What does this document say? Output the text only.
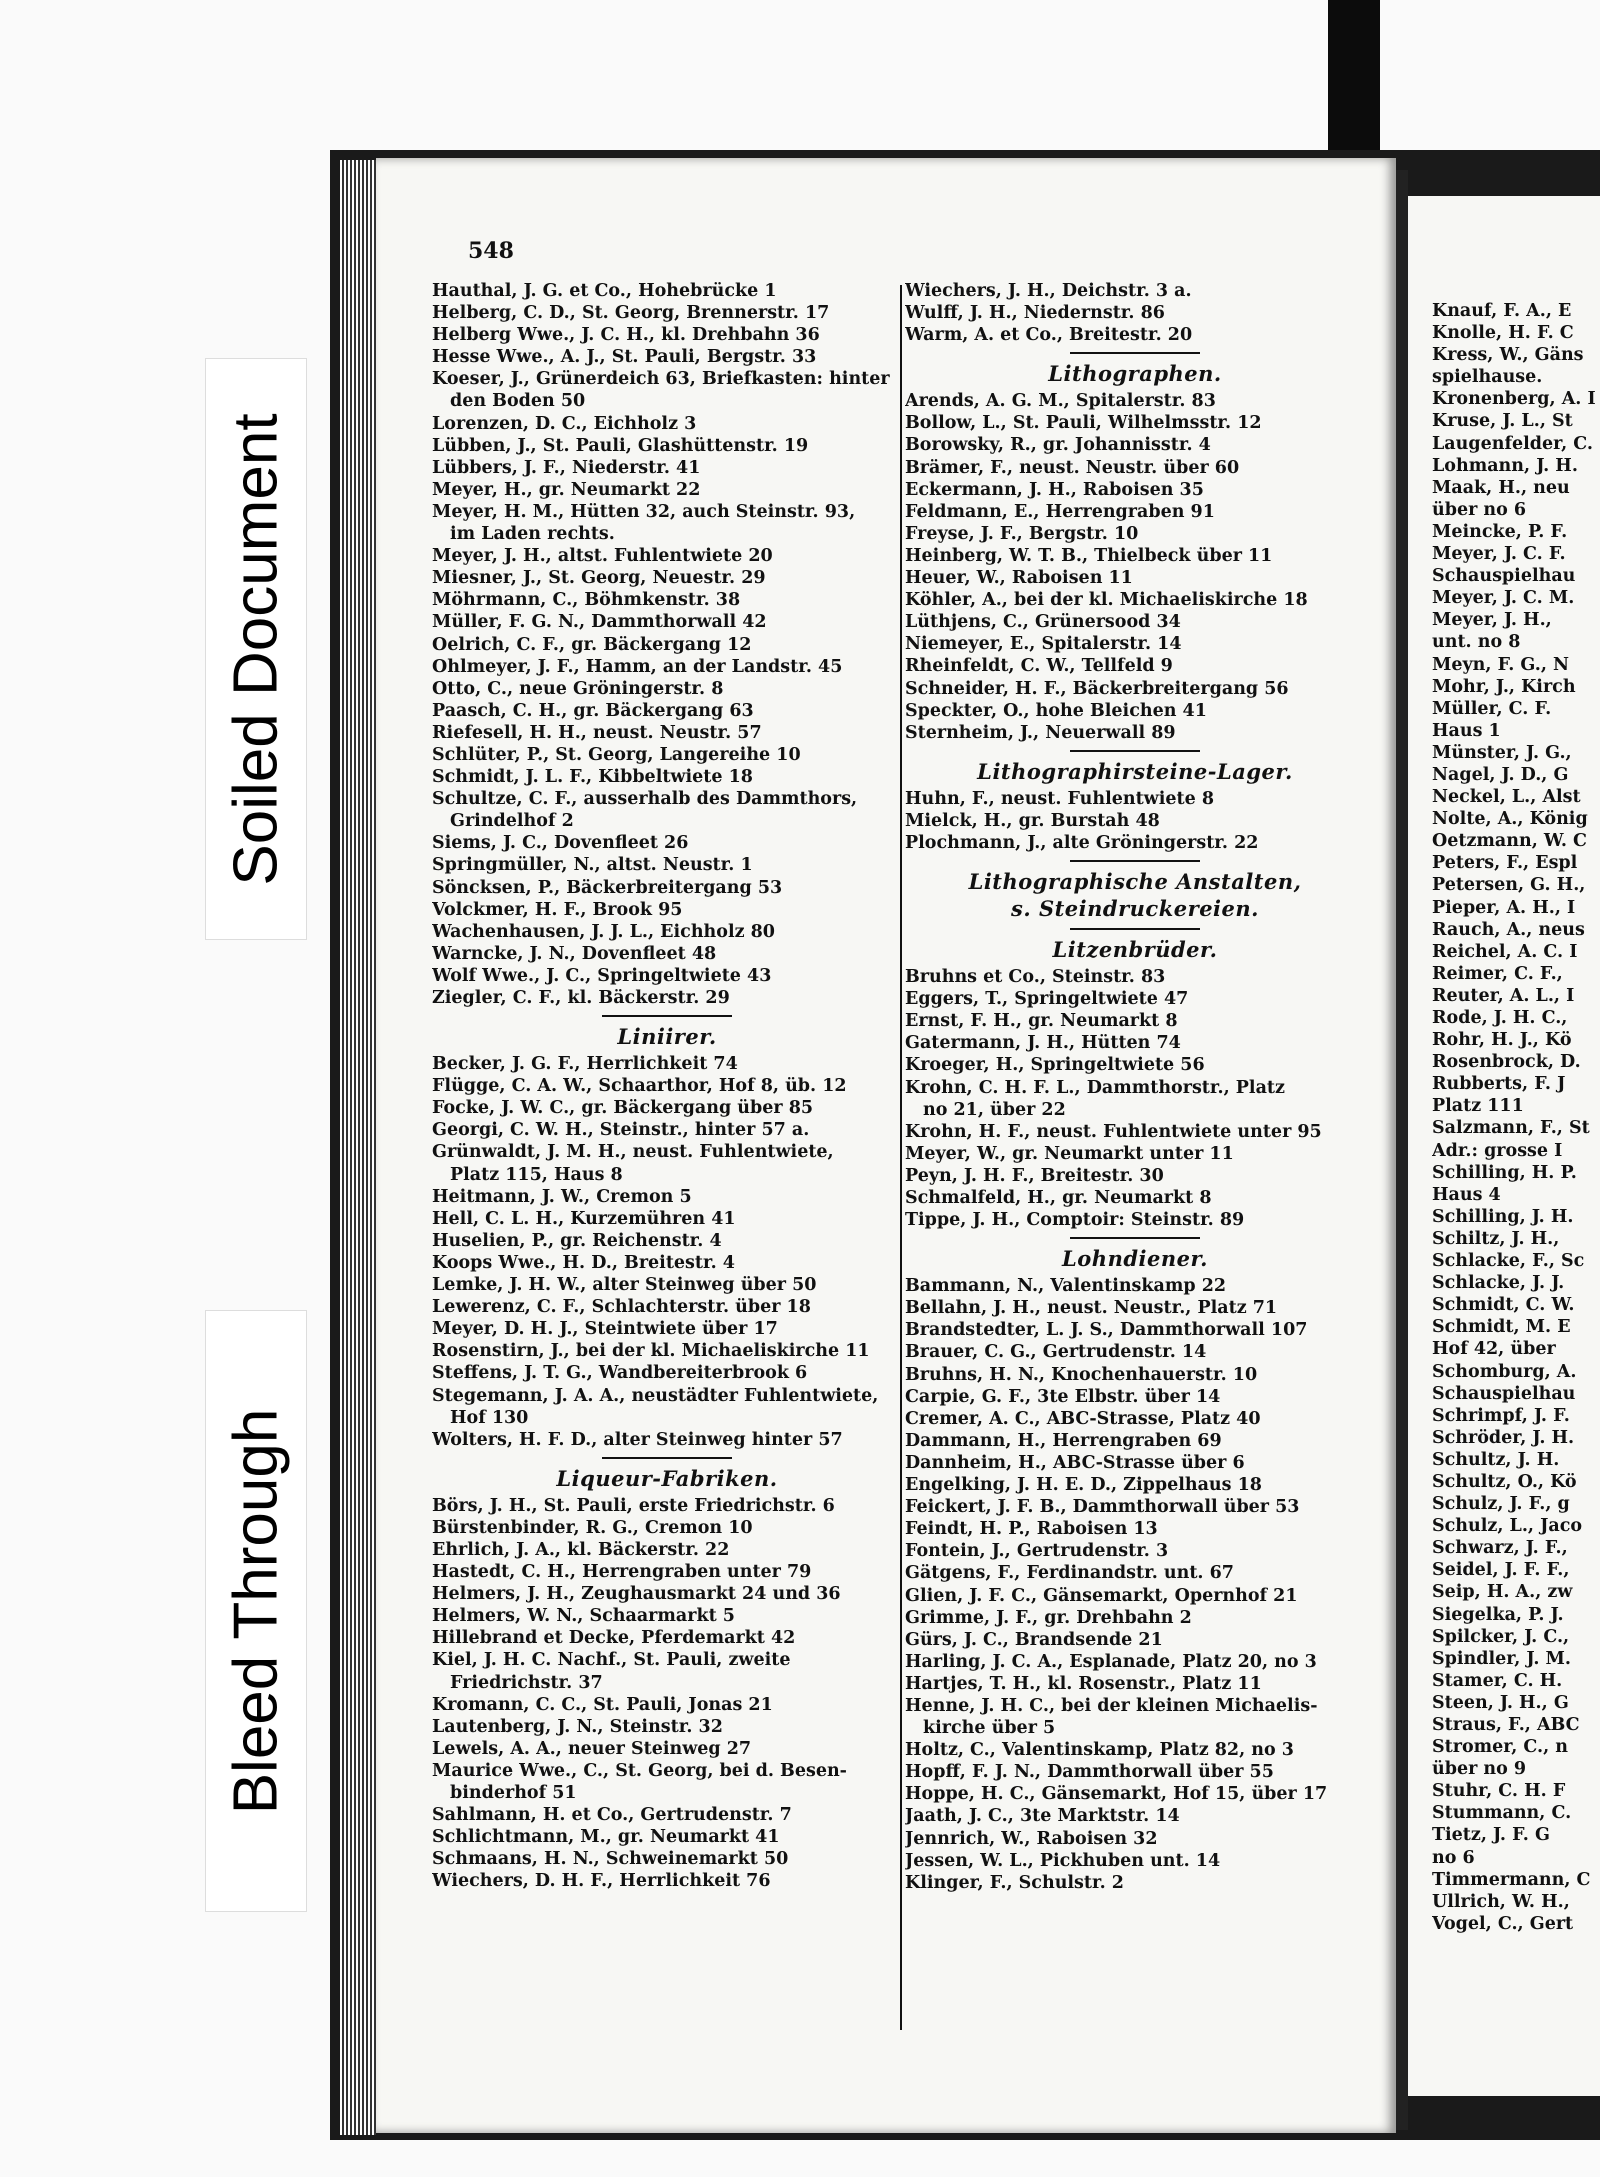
548
Hauthal, J. G. et Co., Hohebrücke 1
Helberg, C. D., St. Georg, Brennerstr. 17
Helberg Wwe., J. C. H., kl. Drehbahn 36
Hesse Wwe., A. J., St. Pauli, Bergstr. 33
Koeser, J., Grünerdeich 63, Briefkasten: hinter
den Boden 50
Lorenzen, D. C., Eichholz 3
Lübben, J., St. Pauli, Glashüttenstr. 19
Lübbers, J. F., Niederstr. 41
Meyer, H., gr. Neumarkt 22
Meyer, H. M., Hütten 32, auch Steinstr. 93,
im Laden rechts.
Meyer, J. H., altst. Fuhlentwiete 20
Miesner, J., St. Georg, Neuestr. 29
Möhrmann, C., Böhmkenstr. 38
Müller, F. G. N., Dammthorwall 42
Oelrich, C. F., gr. Bäckergang 12
Ohlmeyer, J. F., Hamm, an der Landstr. 45
Otto, C., neue Gröningerstr. 8
Paasch, C. H., gr. Bäckergang 63
Riefesell, H. H., neust. Neustr. 57
Schlüter, P., St. Georg, Langereihe 10
Schmidt, J. L. F., Kibbeltwiete 18
Schultze, C. F., ausserhalb des Dammthors,
Grindelhof 2
Siems, J. C., Dovenfleet 26
Springmüller, N., altst. Neustr. 1
Söncksen, P., Bäckerbreitergang 53
Volckmer, H. F., Brook 95
Wachenhausen, J. J. L., Eichholz 80
Warncke, J. N., Dovenfleet 48
Wolf Wwe., J. C., Springeltwiete 43
Ziegler, C. F., kl. Bäckerstr. 29
Liniirer.
Becker, J. G. F., Herrlichkeit 74
Flügge, C. A. W., Schaarthor, Hof 8, üb. 12
Focke, J. W. C., gr. Bäckergang über 85
Georgi, C. W. H., Steinstr., hinter 57 a.
Grünwaldt, J. M. H., neust. Fuhlentwiete,
Platz 115, Haus 8
Heitmann, J. W., Cremon 5
Hell, C. L. H., Kurzemühren 41
Huselien, P., gr. Reichenstr. 4
Koops Wwe., H. D., Breitestr. 4
Lemke, J. H. W., alter Steinweg über 50
Lewerenz, C. F., Schlachterstr. über 18
Meyer, D. H. J., Steintwiete über 17
Rosenstirn, J., bei der kl. Michaeliskirche 11
Steffens, J. T. G., Wandbereiterbrook 6
Stegemann, J. A. A., neustädter Fuhlentwiete,
Hof 130
Wolters, H. F. D., alter Steinweg hinter 57
Liqueur-Fabriken.
Börs, J. H., St. Pauli, erste Friedrichstr. 6
Bürstenbinder, R. G., Cremon 10
Ehrlich, J. A., kl. Bäckerstr. 22
Hastedt, C. H., Herrengraben unter 79
Helmers, J. H., Zeughausmarkt 24 und 36
Helmers, W. N., Schaarmarkt 5
Hillebrand et Decke, Pferdemarkt 42
Kiel, J. H. C. Nachf., St. Pauli, zweite
Friedrichstr. 37
Kromann, C. C., St. Pauli, Jonas 21
Lautenberg, J. N., Steinstr. 32
Lewels, A. A., neuer Steinweg 27
Maurice Wwe., C., St. Georg, bei d. Besen-
binderhof 51
Sahlmann, H. et Co., Gertrudenstr. 7
Schlichtmann, M., gr. Neumarkt 41
Schmaans, H. N., Schweinemarkt 50
Wiechers, D. H. F., Herrlichkeit 76
Wiechers, J. H., Deichstr. 3 a.
Wulff, J. H., Niedernstr. 86
Warm, A. et Co., Breitestr. 20
Lithographen.
Arends, A. G. M., Spitalerstr. 83
Bollow, L., St. Pauli, Wilhelmsstr. 12
Borowsky, R., gr. Johannisstr. 4
Brämer, F., neust. Neustr. über 60
Eckermann, J. H., Raboisen 35
Feldmann, E., Herrengraben 91
Freyse, J. F., Bergstr. 10
Heinberg, W. T. B., Thielbeck über 11
Heuer, W., Raboisen 11
Köhler, A., bei der kl. Michaeliskirche 18
Lüthjens, C., Grünersood 34
Niemeyer, E., Spitalerstr. 14
Rheinfeldt, C. W., Tellfeld 9
Schneider, H. F., Bäckerbreitergang 56
Speckter, O., hohe Bleichen 41
Sternheim, J., Neuerwall 89
Lithographirsteine-Lager.
Huhn, F., neust. Fuhlentwiete 8
Mielck, H., gr. Burstah 48
Plochmann, J., alte Gröningerstr. 22
Lithographische Anstalten,
s. Steindruckereien.
Litzenbrüder.
Bruhns et Co., Steinstr. 83
Eggers, T., Springeltwiete 47
Ernst, F. H., gr. Neumarkt 8
Gatermann, J. H., Hütten 74
Kroeger, H., Springeltwiete 56
Krohn, C. H. F. L., Dammthorstr., Platz
no 21, über 22
Krohn, H. F., neust. Fuhlentwiete unter 95
Meyer, W., gr. Neumarkt unter 11
Peyn, J. H. F., Breitestr. 30
Schmalfeld, H., gr. Neumarkt 8
Tippe, J. H., Comptoir: Steinstr. 89
Lohndiener.
Bammann, N., Valentinskamp 22
Bellahn, J. H., neust. Neustr., Platz 71
Brandstedter, L. J. S., Dammthorwall 107
Brauer, C. G., Gertrudenstr. 14
Bruhns, H. N., Knochenhauerstr. 10
Carpie, G. F., 3te Elbstr. über 14
Cremer, A. C., ABC-Strasse, Platz 40
Dammann, H., Herrengraben 69
Dannheim, H., ABC-Strasse über 6
Engelking, J. H. E. D., Zippelhaus 18
Feickert, J. F. B., Dammthorwall über 53
Feindt, H. P., Raboisen 13
Fontein, J., Gertrudenstr. 3
Gätgens, F., Ferdinandstr. unt. 67
Glien, J. F. C., Gänsemarkt, Opernhof 21
Grimme, J. F., gr. Drehbahn 2
Gürs, J. C., Brandsende 21
Harling, J. C. A., Esplanade, Platz 20, no 3
Hartjes, T. H., kl. Rosenstr., Platz 11
Henne, J. H. C., bei der kleinen Michaelis-
kirche über 5
Holtz, C., Valentinskamp, Platz 82, no 3
Hopff, F. J. N., Dammthorwall über 55
Hoppe, H. C., Gänsemarkt, Hof 15, über 17
Jaath, J. C., 3te Marktstr. 14
Jennrich, W., Raboisen 32
Jessen, W. L., Pickhuben unt. 14
Klinger, F., Schulstr. 2
Knauf, F. A., E
Knolle, H. F. C
Kress, W., Gäns
spielhause.
Kronenberg, A. I
Kruse, J. L., St
Laugenfelder, C.
Lohmann, J. H.
Maak, H., neu
über no 6
Meincke, P. F.
Meyer, J. C. F.
Schauspielhau
Meyer, J. C. M.
Meyer, J. H.,
unt. no 8
Meyn, F. G., N
Mohr, J., Kirch
Müller, C. F.
Haus 1
Münster, J. G.,
Nagel, J. D., G
Neckel, L., Alst
Nolte, A., König
Oetzmann, W. C
Peters, F., Espl
Petersen, G. H.,
Pieper, A. H., I
Rauch, A., neus
Reichel, A. C. I
Reimer, C. F.,
Reuter, A. L., I
Rode, J. H. C.,
Rohr, H. J., Kö
Rosenbrock, D.
Rubberts, F. J
Platz 111
Salzmann, F., St
Adr.: grosse I
Schilling, H. P.
Haus 4
Schilling, J. H.
Schiltz, J. H.,
Schlacke, F., Sc
Schlacke, J. J.
Schmidt, C. W.
Schmidt, M. E
Hof 42, über
Schomburg, A.
Schauspielhau
Schrimpf, J. F.
Schröder, J. H.
Schultz, J. H.
Schultz, O., Kö
Schulz, J. F., g
Schulz, L., Jaco
Schwarz, J. F.,
Seidel, J. F. F.,
Seip, H. A., zw
Siegelka, P. J.
Spilcker, J. C.,
Spindler, J. M.
Stamer, C. H.
Steen, J. H., G
Straus, F., ABC
Stromer, C., n
über no 9
Stuhr, C. H. F
Stummann, C.
Tietz, J. F. G
no 6
Timmermann, C
Ullrich, W. H.,
Vogel, C., Gert
Soiled Document
Bleed Through
